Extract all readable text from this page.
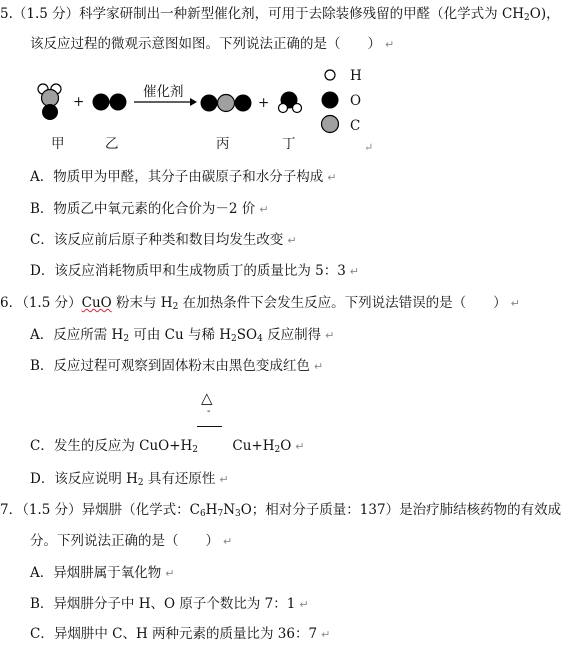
5.（1.5 分）科学家研制出一种新型催化剂，可用于去除装修残留的甲醛（化学式为 $CH_2O$)，
该反应过程的微观示意图如图。下列说法正确的是（　　） ↵
+
催化剂
+
甲	乙	丙	丁
H
O
C
↵
A．物质甲为甲醛，其分子由碳原子和水分子构成 ↵
B．物质乙中氧元素的化合价为－2 价 ↵
C．该反应前后原子种类和数目均发生改变 ↵
D．该反应消耗物质甲和生成物质丁的质量比为 5：3 ↵
6．（1.5 分）CuO 粉末与 $H_2$ 在加热条件下会发生反应。下列说法错误的是（　　） ↵
A．反应所需 $H_2$ 可由 Cu 与稀 $H_2SO_4$ 反应制得 ↵
B．反应过程可观察到固体粉末由黑色变成红色 ↵
△
-
C．发生的反应为 $CuO+H_2$        $Cu+H_2O$ ↵
D．该反应说明 $H_2$ 具有还原性 ↵
7．（1.5 分）异烟肼（化学式：$C_6H_7N_3O$；相对分子质量：137）是治疗肺结核药物的有效成
分。下列说法正确的是（　　） ↵
A．异烟肼属于氧化物 ↵
B．异烟肼分子中 H、O 原子个数比为 7：1 ↵
C．异烟肼中 C、H 两种元素的质量比为 36：7 ↵
